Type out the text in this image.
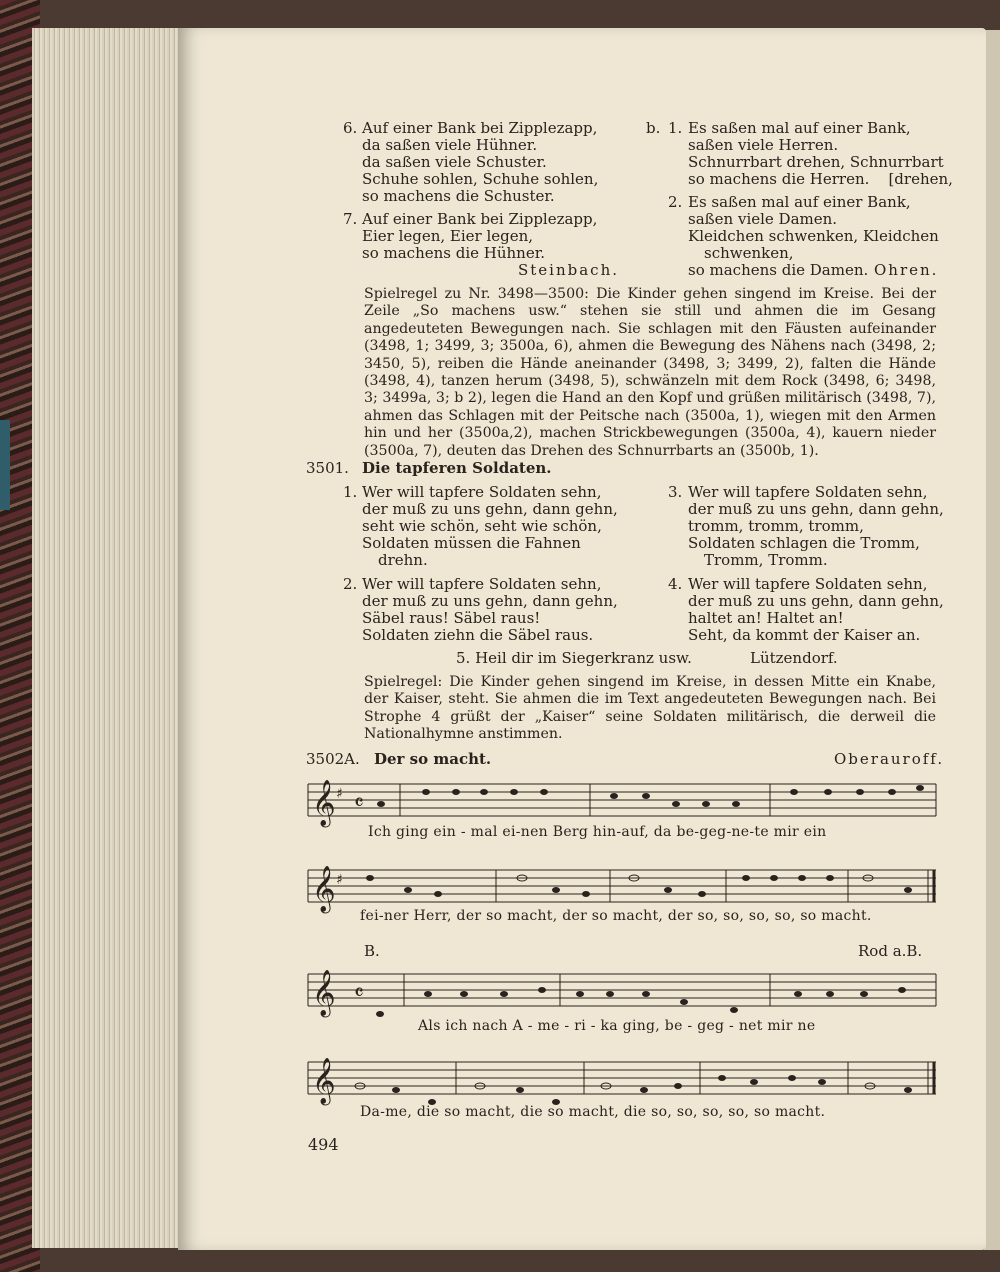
6. Auf einer Bank bei Zipplezapp,
da saßen viele Hühner.
da saßen viele Schuster.
Schuhe sohlen, Schuhe sohlen,
so machens die Schuster.
7. Auf einer Bank bei Zipplezapp,
Eier legen, Eier legen,
so machens die Hühner.
Steinbach.
b. 1. Es saßen mal auf einer Bank,
saßen viele Herren.
Schnurrbart drehen, Schnurrbart
so machens die Herren.    [drehen,
2. Es saßen mal auf einer Bank,
saßen viele Damen.
Kleidchen schwenken, Kleidchen
schwenken,
so machens die Damen. Ohren.
Spielregel zu Nr. 3498—3500: Die Kinder gehen singend im Kreise. Bei der Zeile „So machens usw.“ stehen sie still und ahmen die im Gesang angedeuteten Bewegungen nach. Sie schlagen mit den Fäusten aufeinander (3498, 1; 3499, 3; 3500a, 6), ahmen die Bewegung des Nähens nach (3498, 2; 3450, 5), reiben die Hände aneinander (3498, 3; 3499, 2), falten die Hände (3498, 4), tanzen herum (3498, 5), schwänzeln mit dem Rock (3498, 6; 3498, 3; 3499a, 3; b 2), legen die Hand an den Kopf und grüßen militärisch (3498, 7), ahmen das Schlagen mit der Peitsche nach (3500a, 1), wiegen mit den Armen hin und her (3500a,2), machen Strickbewegungen (3500a, 4), kauern nieder (3500a, 7), deuten das Drehen des Schnurrbarts an (3500b, 1).
3501. Die tapferen Soldaten.
1. Wer will tapfere Soldaten sehn,
der muß zu uns gehn, dann gehn,
seht wie schön, seht wie schön,
Soldaten müssen die Fahnen
drehn.
2. Wer will tapfere Soldaten sehn,
der muß zu uns gehn, dann gehn,
Säbel raus! Säbel raus!
Soldaten ziehn die Säbel raus.
3. Wer will tapfere Soldaten sehn,
der muß zu uns gehn, dann gehn,
tromm, tromm, tromm,
Soldaten schlagen die Tromm,
Tromm, Tromm.
4. Wer will tapfere Soldaten sehn,
der muß zu uns gehn, dann gehn,
haltet an! Haltet an!
Seht, da kommt der Kaiser an.
5. Heil dir im Siegerkranz usw.	Lützendorf.
Spielregel: Die Kinder gehen singend im Kreise, in dessen Mitte ein Knabe, der Kaiser, steht. Sie ahmen die im Text angedeuteten Bewegungen nach. Bei Strophe 4 grüßt der „Kaiser“ seine Soldaten militärisch, die derweil die Nationalhymne anstimmen.
3502A. Der so macht.	Oberauroff.
𝄞 ♯ 𝄴
Ich ging ein - mal ei-nen Berg hin-auf, da be-geg-ne-te mir ein
𝄞 ♯
fei-ner Herr, der so macht, der so macht, der so, so, so, so, so macht.
B.	Rod a.B.
𝄞 𝄴
Als ich nach A - me - ri - ka ging, be - geg - net mir ne
𝄞
Da-me, die so macht, die so macht, die so, so, so, so, so macht.
494
